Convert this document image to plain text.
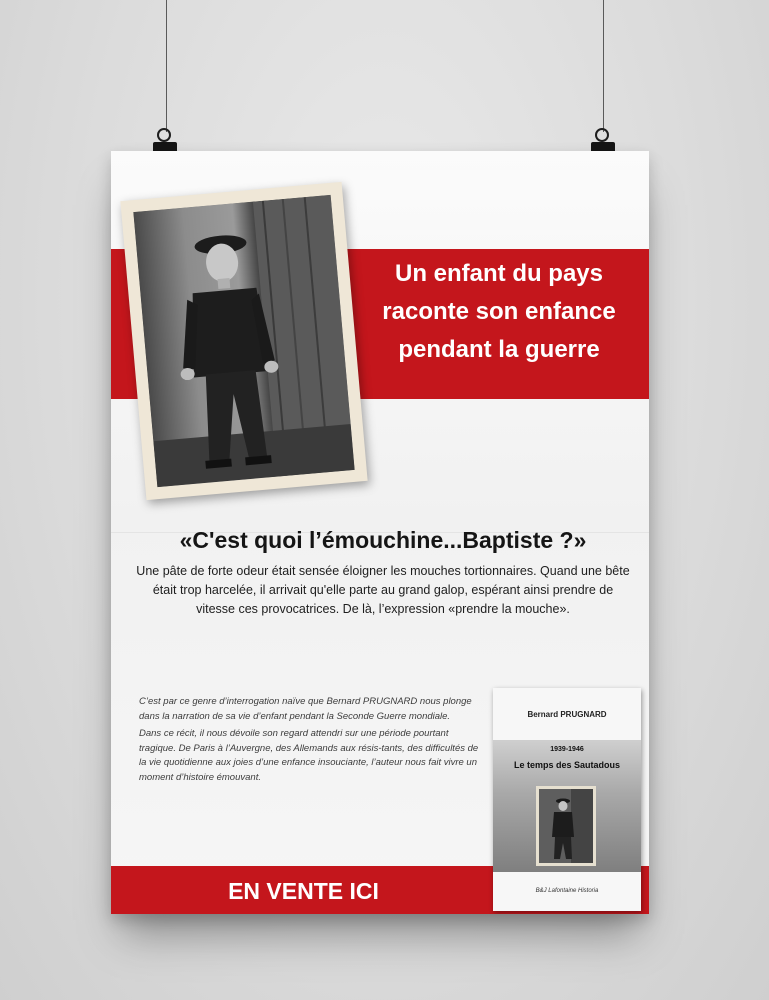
Un enfant du pays
raconte son enfance
pendant la guerre
«C'est quoi l’émouchine...Baptiste ?»
Une pâte de forte odeur était sensée éloigner les mouches tortionnaires. Quand une bête était trop harcelée, il arrivait qu'elle parte au grand galop, espérant ainsi prendre de vitesse ces provocatrices. De là, l’expression «prendre la mouche».

C’est par ce genre d’interrogation naïve que Bernard PRUGNARD nous plonge dans la narration de sa vie d’enfant pendant la Seconde Guerre mondiale.

Dans ce récit, il nous dévoile son regard attendri sur une période pourtant tragique. De Paris à l’Auvergne, des Allemands aux résis-tants, des difficultés de la vie quotidienne aux joies d’une enfance insouciante, l’auteur nous fait vivre un moment d’histoire émouvant.

EN VENTE ICI
Bernard PRUGNARD
1939-1946
Le temps des Sautadous
B&J Lafontaine Historia
